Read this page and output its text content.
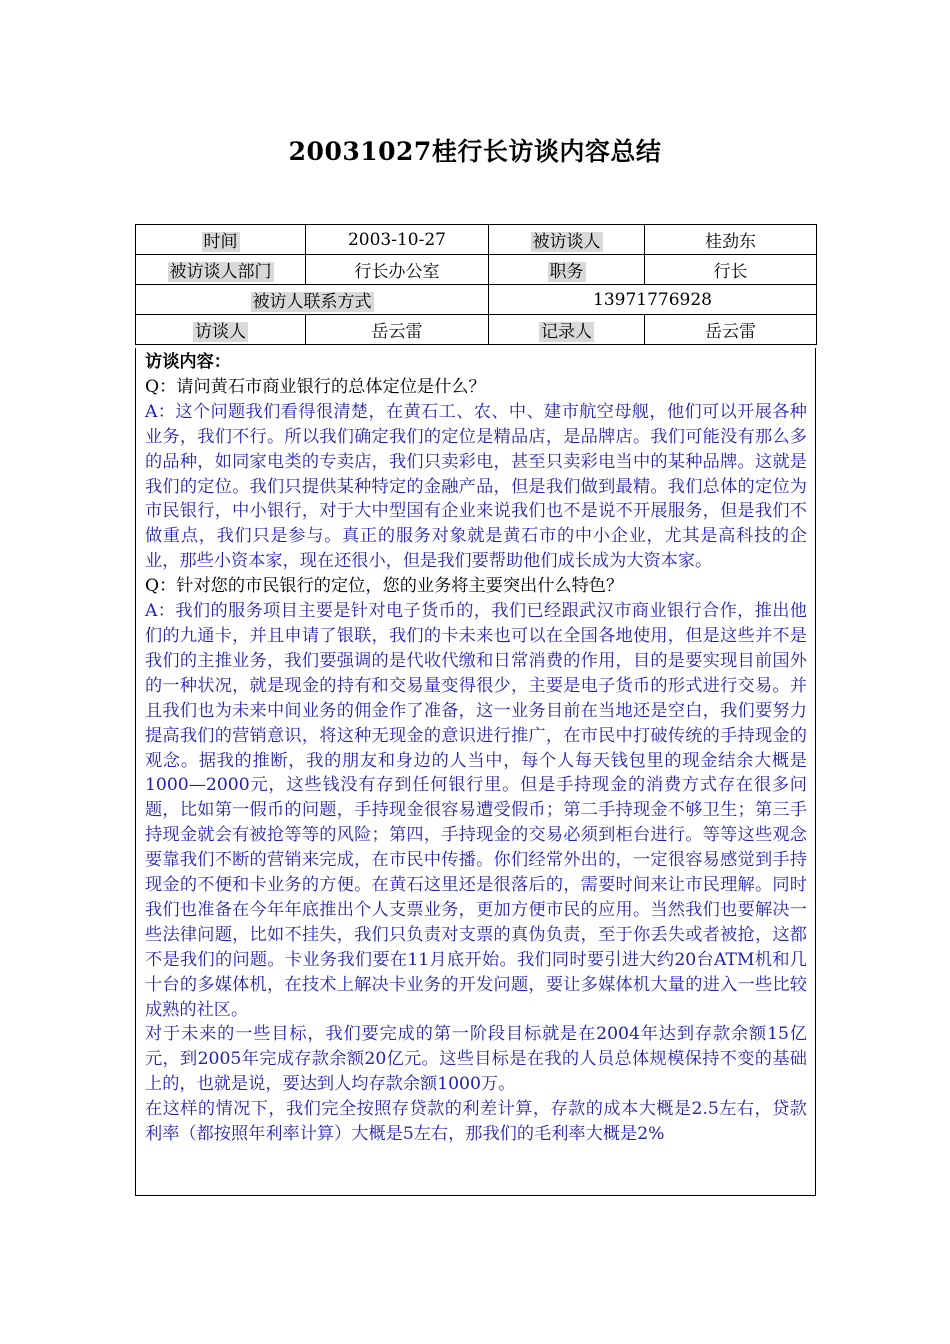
20031027桂行长访谈内容总结
时间	2003-10-27	被访谈人	桂劲东
被访谈人部门	行长办公室	职务	行长
被访人联系方式		13971776928	
访谈人	岳云雷	记录人	岳云雷

访谈内容：

Q：请问黄石市商业银行的总体定位是什么？

A：这个问题我们看得很清楚，在黄石工、农、中、建市航空母舰，他们可以开展各种业务，我们不行。所以我们确定我们的定位是精品店，是品牌店。我们可能没有那么多的品种，如同家电类的专卖店，我们只卖彩电，甚至只卖彩电当中的某种品牌。这就是我们的定位。我们只提供某种特定的金融产品，但是我们做到最精。我们总体的定位为市民银行，中小银行，对于大中型国有企业来说我们也不是说不开展服务，但是我们不做重点，我们只是参与。真正的服务对象就是黄石市的中小企业，尤其是高科技的企业，那些小资本家，现在还很小，但是我们要帮助他们成长成为大资本家。

Q：针对您的市民银行的定位，您的业务将主要突出什么特色？

A：我们的服务项目主要是针对电子货币的，我们已经跟武汉市商业银行合作，推出他们的九通卡，并且申请了银联，我们的卡未来也可以在全国各地使用，但是这些并不是我们的主推业务，我们要强调的是代收代缴和日常消费的作用，目的是要实现目前国外的一种状况，就是现金的持有和交易量变得很少，主要是电子货币的形式进行交易。并且我们也为未来中间业务的佣金作了准备，这一业务目前在当地还是空白，我们要努力提高我们的营销意识，将这种无现金的意识进行推广，在市民中打破传统的手持现金的观念。据我的推断，我的朋友和身边的人当中，每个人每天钱包里的现金结余大概是1000—2000元，这些钱没有存到任何银行里。但是手持现金的消费方式存在很多问题，比如第一假币的问题，手持现金很容易遭受假币；第二手持现金不够卫生；第三手持现金就会有被抢等等的风险；第四，手持现金的交易必须到柜台进行。等等这些观念要靠我们不断的营销来完成，在市民中传播。你们经常外出的，一定很容易感觉到手持现金的不便和卡业务的方便。在黄石这里还是很落后的，需要时间来让市民理解。同时我们也准备在今年年底推出个人支票业务，更加方便市民的应用。当然我们也要解决一些法律问题，比如不挂失，我们只负责对支票的真伪负责，至于你丢失或者被抢，这都不是我们的问题。卡业务我们要在11月底开始。我们同时要引进大约20台ATM机和几十台的多媒体机，在技术上解决卡业务的开发问题，要让多媒体机大量的进入一些比较成熟的社区。

对于未来的一些目标，我们要完成的第一阶段目标就是在2004年达到存款余额15亿元，到2005年完成存款余额20亿元。这些目标是在我的人员总体规模保持不变的基础上的，也就是说，要达到人均存款余额1000万。

在这样的情况下，我们完全按照存贷款的利差计算，存款的成本大概是2.5左右，贷款利率（都按照年利率计算）大概是5左右，那我们的毛利率大概是2%
